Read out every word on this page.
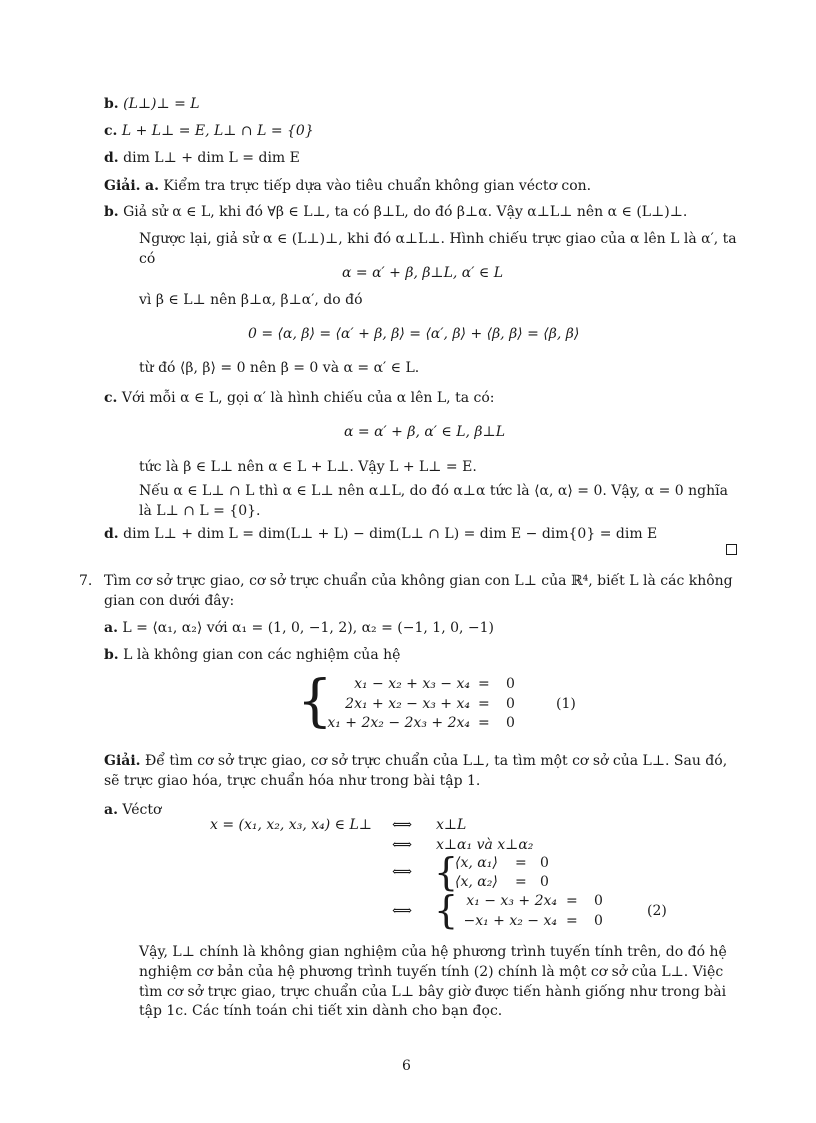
b. (L⊥)⊥ = L
c. L + L⊥ = E, L⊥ ∩ L = {0}
d. dim L⊥ + dim L = dim E
Giải. a. Kiểm tra trực tiếp dựa vào tiêu chuẩn không gian véctơ con.
b. Giả sử α ∈ L, khi đó ∀β ∈ L⊥, ta có β⊥L, do đó β⊥α. Vậy α⊥L⊥ nên α ∈ (L⊥)⊥.
Ngược lại, giả sử α ∈ (L⊥)⊥, khi đó α⊥L⊥. Hình chiếu trực giao của α lên L là α′, ta
có
α = α′ + β, β⊥L, α′ ∈ L
vì β ∈ L⊥ nên β⊥α, β⊥α′, do đó
0 = ⟨α, β⟩ = ⟨α′ + β, β⟩ = ⟨α′, β⟩ + ⟨β, β⟩ = ⟨β, β⟩
từ đó ⟨β, β⟩ = 0 nên β = 0 và α = α′ ∈ L.
c. Với mỗi α ∈ L, gọi α′ là hình chiếu của α lên L, ta có:
α = α′ + β, α′ ∈ L, β⊥L
tức là β ∈ L⊥ nên α ∈ L + L⊥. Vậy L + L⊥ = E.
Nếu α ∈ L⊥ ∩ L thì α ∈ L⊥ nên α⊥L, do đó α⊥α tức là ⟨α, α⟩ = 0. Vậy, α = 0 nghĩa
là L⊥ ∩ L = {0}.
d. dim L⊥ + dim L = dim(L⊥ + L) − dim(L⊥ ∩ L) = dim E − dim{0} = dim E
7. Tìm cơ sở trực giao, cơ sở trực chuẩn của không gian con L⊥ của ℝ⁴, biết L là các không
gian con dưới đây:
a. L = ⟨α₁, α₂⟩ với α₁ = (1, 0, −1, 2), α₂ = (−1, 1, 0, −1)
b. L là không gian con các nghiệm của hệ
{	x₁ − x₂ + x₃ − x₄ = 0
2x₁ + x₂ − x₃ + x₄ = 0
x₁ + 2x₂ − 2x₃ + 2x₄ = 0
(1)
Giải. Để tìm cơ sở trực giao, cơ sở trực chuẩn của L⊥, ta tìm một cơ sở của L⊥. Sau đó,
sẽ trực giao hóa, trực chuẩn hóa như trong bài tập 1.
a. Véctơ
x = (x₁, x₂, x₃, x₄) ∈ L⊥ ⟺ x⊥L
⟺ x⊥α₁ và x⊥α₂
⟺ {
⟨x, α₁⟩ = 0
⟨x, α₂⟩ = 0
⟺ { x₁ − x₃ + 2x₄ = 0
−x₁ + x₂ − x₄ = 0
(2)
Vậy, L⊥ chính là không gian nghiệm của hệ phương trình tuyến tính trên, do đó hệ
nghiệm cơ bản của hệ phương trình tuyến tính (2) chính là một cơ sở của L⊥. Việc
tìm cơ sở trực giao, trực chuẩn của L⊥ bây giờ được tiến hành giống như trong bài
tập 1c. Các tính toán chi tiết xin dành cho bạn đọc.
6
